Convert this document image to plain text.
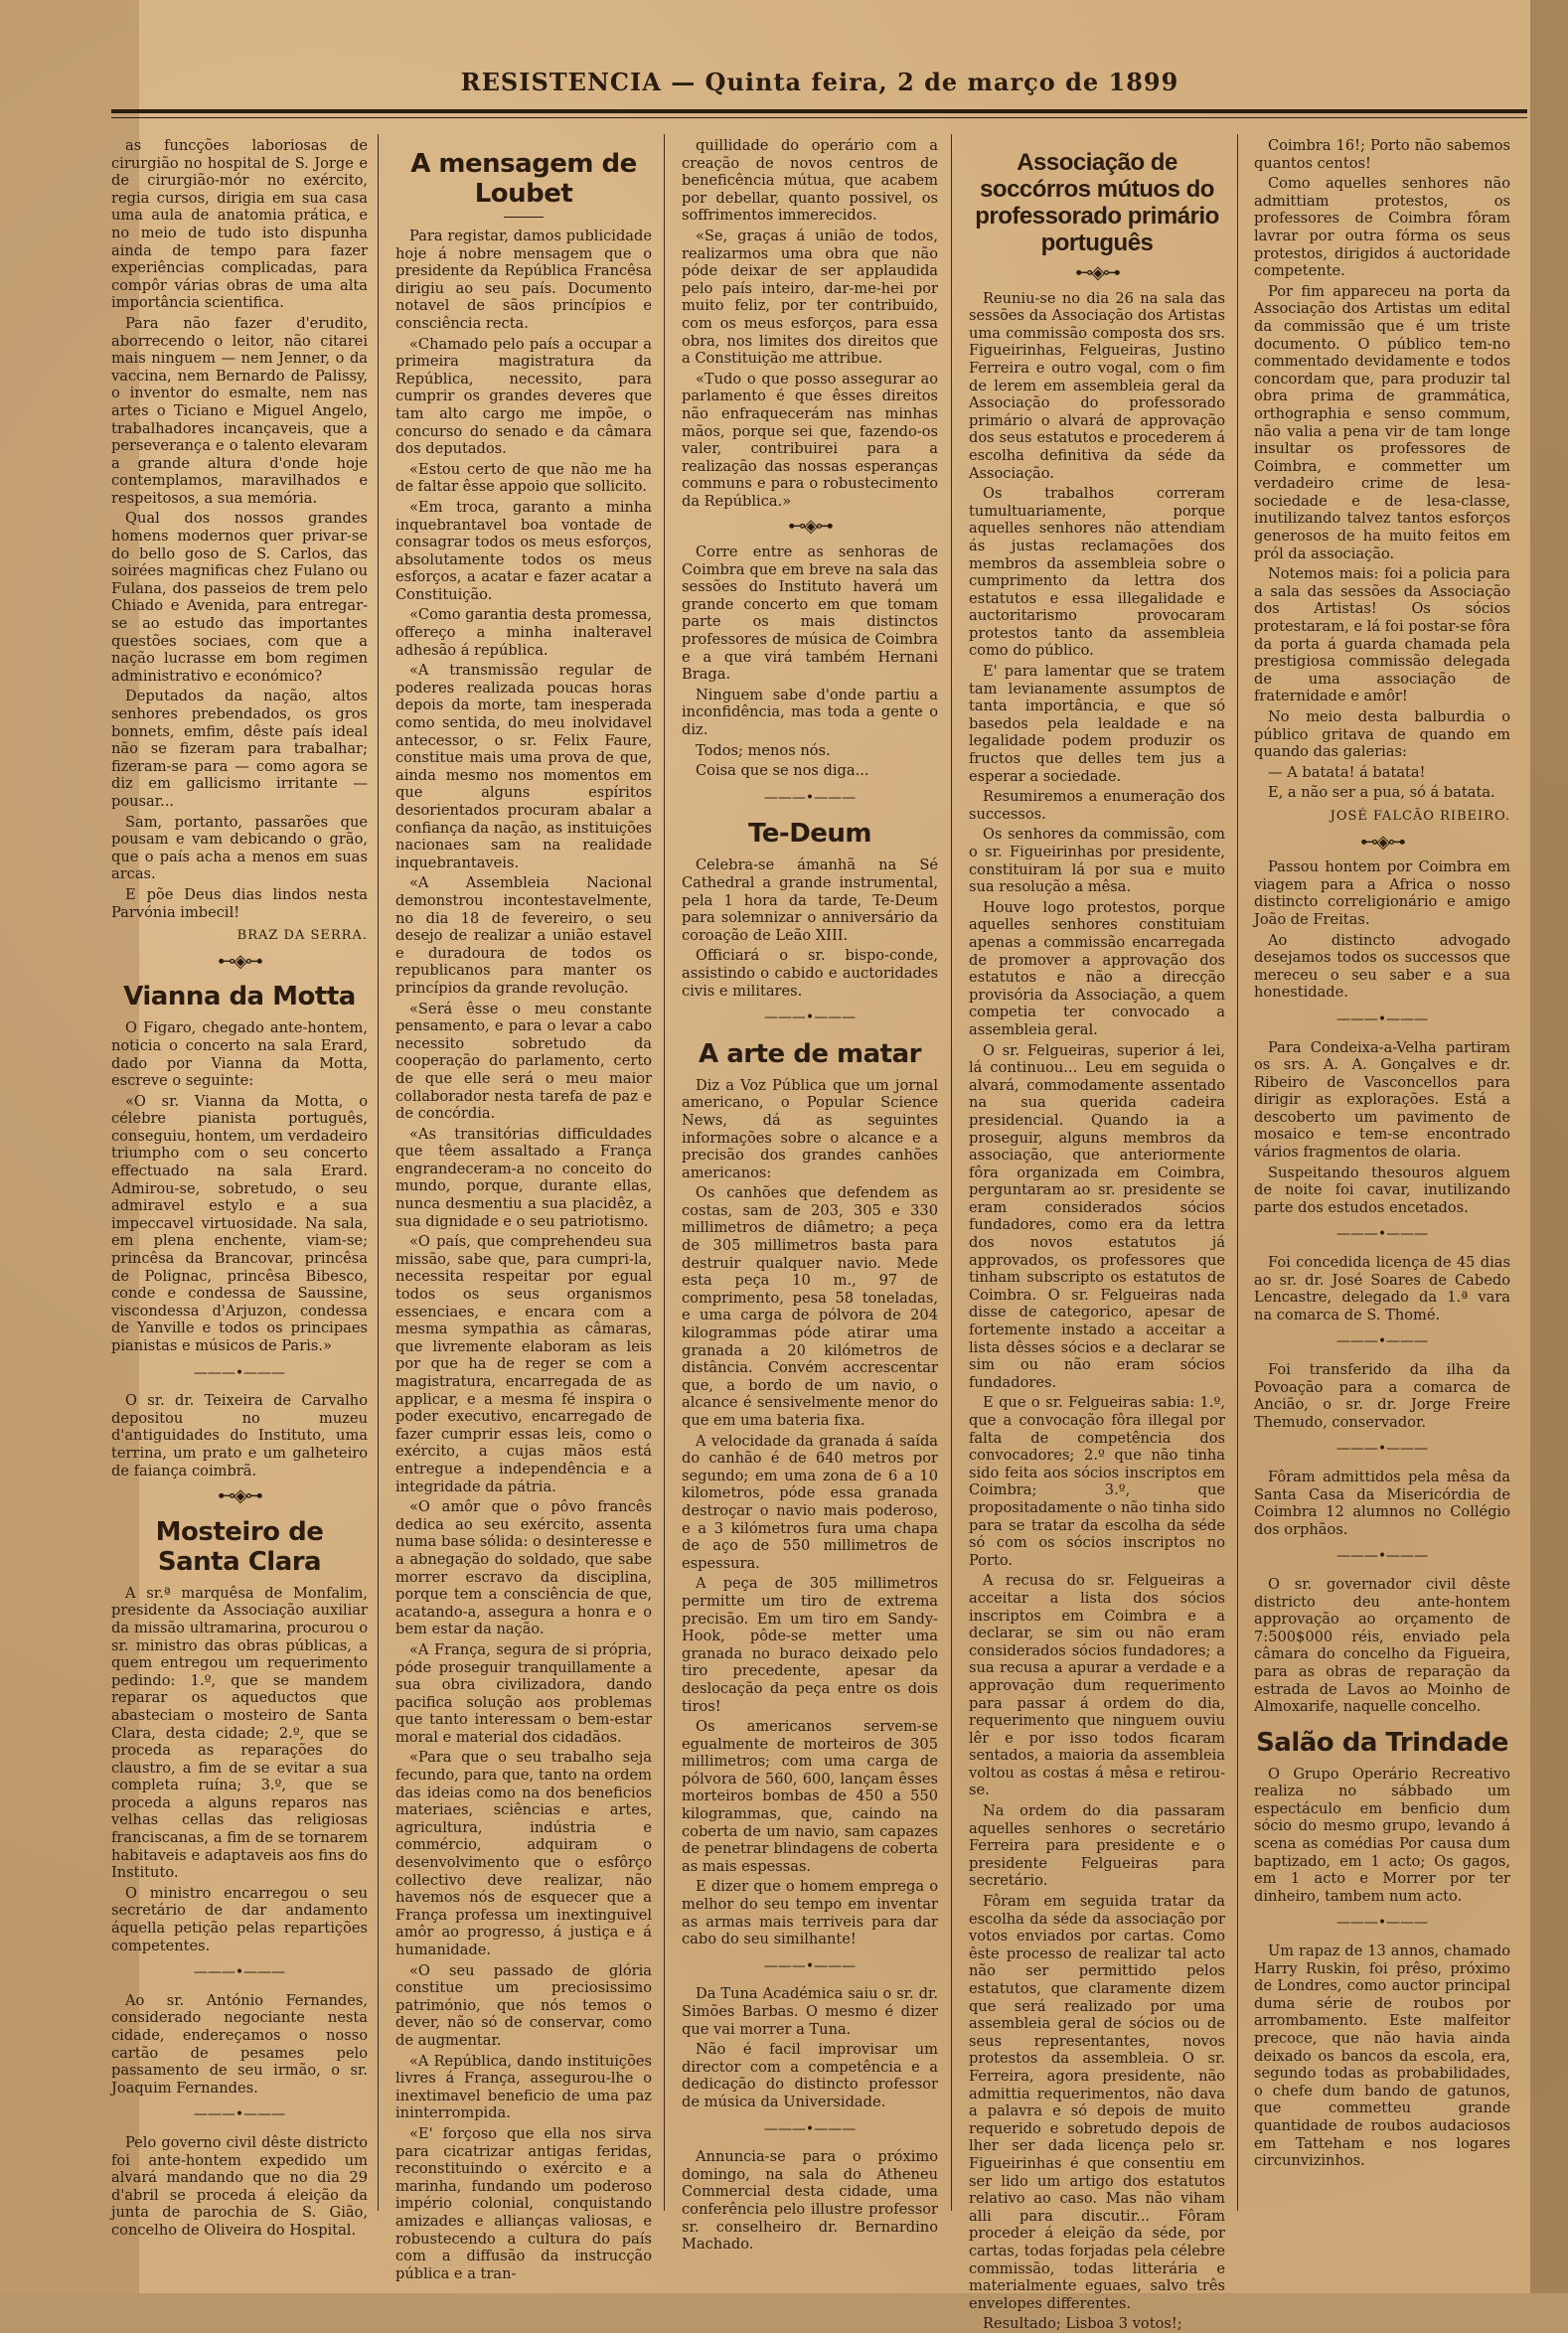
RESISTENCIA — Quinta feira, 2 de março de 1899

as funcções laboriosas de cirurgião no hospital de S. Jorge e de cirurgião-mór no exército, regia cursos, dirigia em sua casa uma aula de anatomia prática, e no meio de tudo isto dispunha ainda de tempo para fazer experiências complicadas, para compôr várias obras de uma alta importância scientifica.

Para não fazer d'erudito, aborrecendo o leitor, não citarei mais ninguem — nem Jenner, o da vaccina, nem Bernardo de Palissy, o inventor do esmalte, nem nas artes o Ticiano e Miguel Angelo, trabalhadores incançaveis, que a perseverança e o talento elevaram a grande altura d'onde hoje contemplamos, maravilhados e respeitosos, a sua memória.

Qual dos nossos grandes homens modernos quer privar-se do bello goso de S. Carlos, das soirées magnificas chez Fulano ou Fulana, dos passeios de trem pelo Chiado e Avenida, para entregar-se ao estudo das importantes questões sociaes, com que a nação lucrasse em bom regimen administrativo e económico?

Deputados da nação, altos senhores prebendados, os gros bonnets, emfim, dêste país ideal não se fizeram para trabalhar; fizeram-se para — como agora se diz em gallicismo irritante — pousar...

Sam, portanto, passarões que pousam e vam debicando o grão, que o país acha a menos em suas arcas.

E põe Deus dias lindos nesta Parvónia imbecil!

BRAZ DA SERRA.
⊷◈⊶
Vianna da Motta

O Figaro, chegado ante-hontem, noticia o concerto na sala Erard, dado por Vianna da Motta, escreve o seguinte:

«O sr. Vianna da Motta, o célebre pianista português, conseguiu, hontem, um verdadeiro triumpho com o seu concerto effectuado na sala Erard. Admirou-se, sobretudo, o seu admiravel estylo e a sua impeccavel virtuosidade. Na sala, em plena enchente, viam-se; princêsa da Brancovar, princêsa de Polignac, princêsa Bibesco, conde e condessa de Saussine, viscondessa d'Arjuzon, condessa de Yanville e todos os principaes pianistas e músicos de Paris.»

———•———

O sr. dr. Teixeira de Carvalho depositou no muzeu d'antiguidades do Instituto, uma terrina, um prato e um galheteiro de faiança coimbrã.

⊷◈⊶
Mosteiro de Santa Clara

A sr.ª marquêsa de Monfalim, presidente da Associação auxiliar da missão ultramarina, procurou o sr. ministro das obras públicas, a quem entregou um requerimento pedindo: 1.º, que se mandem reparar os aqueductos que abasteciam o mosteiro de Santa Clara, desta cidade; 2.º, que se proceda as reparações do claustro, a fim de se evitar a sua completa ruína; 3.º, que se proceda a alguns reparos nas velhas cellas das religiosas franciscanas, a fim de se tornarem habitaveis e adaptaveis aos fins do Instituto.

O ministro encarregou o seu secretário de dar andamento áquella petição pelas repartições competentes.

———•———

Ao sr. António Fernandes, considerado negociante nesta cidade, endereçamos o nosso cartão de pesames pelo passamento de seu irmão, o sr. Joaquim Fernandes.

———•———

Pelo governo civil dêste districto foi ante-hontem expedido um alvará mandando que no dia 29 d'abril se proceda á eleição da junta de parochia de S. Gião, concelho de Oliveira do Hospital.

A mensagem de Loubet

Para registar, damos publicidade hoje á nobre mensagem que o presidente da República Francêsa dirigiu ao seu país. Documento notavel de sãos princípios e consciência recta.

«Chamado pelo país a occupar a primeira magistratura da República, necessito, para cumprir os grandes deveres que tam alto cargo me impõe, o concurso do senado e da câmara dos deputados.

«Estou certo de que não me ha de faltar êsse appoio que sollicito.

«Em troca, garanto a minha inquebrantavel boa vontade de consagrar todos os meus esforços, absolutamente todos os meus esforços, a acatar e fazer acatar a Constituição.

«Como garantia desta promessa, offereço a minha inalteravel adhesão á república.

«A transmissão regular de poderes realizada poucas horas depois da morte, tam inesperada como sentida, do meu inolvidavel antecessor, o sr. Felix Faure, constitue mais uma prova de que, ainda mesmo nos momentos em que alguns espíritos desorientados procuram abalar a confiança da nação, as instituições nacionaes sam na realidade inquebrantaveis.

«A Assembleia Nacional demonstrou incontestavelmente, no dia 18 de fevereiro, o seu desejo de realizar a união estavel e duradoura de todos os republicanos para manter os princípios da grande revolução.

«Será êsse o meu constante pensamento, e para o levar a cabo necessito sobretudo da cooperação do parlamento, certo de que elle será o meu maior collaborador nesta tarefa de paz e de concórdia.

«As transitórias difficuldades que têem assaltado a França engrandeceram-a no conceito do mundo, porque, durante ellas, nunca desmentiu a sua placidêz, a sua dignidade e o seu patriotismo.

«O país, que comprehendeu sua missão, sabe que, para cumpri-la, necessita respeitar por egual todos os seus organismos essenciaes, e encara com a mesma sympathia as câmaras, que livremente elaboram as leis por que ha de reger se com a magistratura, encarregada de as applicar, e a mesma fé inspira o poder executivo, encarregado de fazer cumprir essas leis, como o exército, a cujas mãos está entregue a independência e a integridade da pátria.

«O amôr que o pôvo francês dedica ao seu exército, assenta numa base sólida: o desinteresse e a abnegação do soldado, que sabe morrer escravo da disciplina, porque tem a consciência de que, acatando-a, assegura a honra e o bem estar da nação.

«A França, segura de si própria, póde proseguir tranquillamente a sua obra civilizadora, dando pacifica solução aos problemas que tanto interessam o bem-estar moral e material dos cidadãos.

«Para que o seu trabalho seja fecundo, para que, tanto na ordem das ideias como na dos beneficios materiaes, sciências e artes, agricultura, indústria e commércio, adquiram o desenvolvimento que o esfôrço collectivo deve realizar, não havemos nós de esquecer que a França professa um inextinguivel amôr ao progresso, á justiça e á humanidade.

«O seu passado de glória constitue um preciosissimo património, que nós temos o dever, não só de conservar, como de augmentar.

«A República, dando instituições livres á França, assegurou-lhe o inextimavel beneficio de uma paz ininterrompida.

«E' forçoso que ella nos sirva para cicatrizar antigas feridas, reconstituindo o exército e a marinha, fundando um poderoso império colonial, conquistando amizades e allianças valiosas, e robustecendo a cultura do país com a diffusão da instrucção pública e a tran-

quillidade do operário com a creação de novos centros de beneficência mútua, que acabem por debellar, quanto possivel, os soffrimentos immerecidos.

«Se, graças á união de todos, realizarmos uma obra que não póde deixar de ser applaudida pelo país inteiro, dar-me-hei por muito feliz, por ter contribuido, com os meus esforços, para essa obra, nos limites dos direitos que a Constituição me attribue.

«Tudo o que posso assegurar ao parlamento é que êsses direitos não enfraquecerám nas minhas mãos, porque sei que, fazendo-os valer, contribuirei para a realização das nossas esperanças communs e para o robustecimento da República.»

⊷◈⊶

Corre entre as senhoras de Coimbra que em breve na sala das sessões do Instituto haverá um grande concerto em que tomam parte os mais distinctos professores de música de Coimbra e a que virá também Hernani Braga.

Ninguem sabe d'onde partiu a inconfidência, mas toda a gente o diz.

Todos; menos nós.

Coisa que se nos diga...

———•———
Te-Deum

Celebra-se ámanhã na Sé Cathedral a grande instrumental, pela 1 hora da tarde, Te-Deum para solemnizar o anniversário da coroação de Leão XIII.

Officiará o sr. bispo-conde, assistindo o cabido e auctoridades civis e militares.

———•———
A arte de matar

Diz a Voz Pública que um jornal americano, o Popular Science News, dá as seguintes informações sobre o alcance e a precisão dos grandes canhões americanos:

Os canhões que defendem as costas, sam de 203, 305 e 330 millimetros de diâmetro; a peça de 305 millimetros basta para destruir qualquer navio. Mede esta peça 10 m., 97 de comprimento, pesa 58 toneladas, e uma carga de pólvora de 204 kilogrammas póde atirar uma granada a 20 kilómetros de distância. Convém accrescentar que, a bordo de um navio, o alcance é sensivelmente menor do que em uma bateria fixa.

A velocidade da granada á saída do canhão é de 640 metros por segundo; em uma zona de 6 a 10 kilometros, póde essa granada destroçar o navio mais poderoso, e a 3 kilómetros fura uma chapa de aço de 550 millimetros de espessura.

A peça de 305 millimetros permitte um tiro de extrema precisão. Em um tiro em Sandy-Hook, pôde-se metter uma granada no buraco deixado pelo tiro precedente, apesar da deslocação da peça entre os dois tiros!

Os americanos servem-se egualmente de morteiros de 305 millimetros; com uma carga de pólvora de 560, 600, lançam êsses morteiros bombas de 450 a 550 kilogrammas, que, caindo na coberta de um navio, sam capazes de penetrar blindagens de coberta as mais espessas.

E dizer que o homem emprega o melhor do seu tempo em inventar as armas mais terriveis para dar cabo do seu similhante!

———•———

Da Tuna Académica saiu o sr. dr. Simões Barbas. O mesmo é dizer que vai morrer a Tuna.

Não é facil improvisar um director com a competência e a dedicação do distincto professor de música da Universidade.

———•———

Annuncia-se para o próximo domingo, na sala do Atheneu Commercial desta cidade, uma conferência pelo illustre professor sr. conselheiro dr. Bernardino Machado.

Associação de soccórros mútuos do professorado primário português
⊷◈⊶

Reuniu-se no dia 26 na sala das sessões da Associação dos Artistas uma commissão composta dos srs. Figueirinhas, Felgueiras, Justino Ferreira e outro vogal, com o fim de lerem em assembleia geral da Associação do professorado primário o alvará de approvação dos seus estatutos e procederem á escolha definitiva da séde da Associação.

Os trabalhos correram tumultuariamente, porque aquelles senhores não attendiam ás justas reclamações dos membros da assembleia sobre o cumprimento da lettra dos estatutos e essa illegalidade e auctoritarismo provocaram protestos tanto da assembleia como do público.

E' para lamentar que se tratem tam levianamente assumptos de tanta importância, e que só basedos pela lealdade e na legalidade podem produzir os fructos que delles tem jus a esperar a sociedade.

Resumiremos a enumeração dos successos.

Os senhores da commissão, com o sr. Figueirinhas por presidente, constituiram lá por sua e muito sua resolução a mêsa.

Houve logo protestos, porque aquelles senhores constituiam apenas a commissão encarregada de promover a approvação dos estatutos e não a direcção provisória da Associação, a quem competia ter convocado a assembleia geral.

O sr. Felgueiras, superior á lei, lá continuou... Leu em seguida o alvará, commodamente assentado na sua querida cadeira presidencial. Quando ia a proseguir, alguns membros da associação, que anteriormente fôra organizada em Coimbra, perguntaram ao sr. presidente se eram considerados sócios fundadores, como era da lettra dos novos estatutos já approvados, os professores que tinham subscripto os estatutos de Coimbra. O sr. Felgueiras nada disse de categorico, apesar de fortemente instado a acceitar a lista dêsses sócios e a declarar se sim ou não eram sócios fundadores.

E que o sr. Felgueiras sabia: 1.º, que a convocação fôra illegal por falta de competência dos convocadores; 2.º que não tinha sido feita aos sócios inscriptos em Coimbra; 3.º, que propositadamente o não tinha sido para se tratar da escolha da séde só com os sócios inscriptos no Porto.

A recusa do sr. Felgueiras a acceitar a lista dos sócios inscriptos em Coimbra e a declarar, se sim ou não eram considerados sócios fundadores; a sua recusa a apurar a verdade e a approvação dum requerimento para passar á ordem do dia, requerimento que ninguem ouviu lêr e por isso todos ficaram sentados, a maioria da assembleia voltou as costas á mêsa e retirou-se.

Na ordem do dia passaram aquelles senhores o secretário Ferreira para presidente e o presidente Felgueiras para secretário.

Fôram em seguida tratar da escolha da séde da associação por votos enviados por cartas. Como êste processo de realizar tal acto não ser permittido pelos estatutos, que claramente dizem que será realizado por uma assembleia geral de sócios ou de seus representantes, novos protestos da assembleia. O sr. Ferreira, agora presidente, não admittia requerimentos, não dava a palavra e só depois de muito requerido e sobretudo depois de lher ser dada licença pelo sr. Figueirinhas é que consentiu em ser lido um artigo dos estatutos relativo ao caso. Mas não viham alli para discutir... Fôram proceder á eleição da séde, por cartas, todas forjadas pela célebre commissão, todas litterária e materialmente eguaes, salvo três envelopes differentes.

Resultado; Lisboa 3 votos!;

Coimbra 16!; Porto não sabemos quantos centos!

Como aquelles senhores não admittiam protestos, os professores de Coimbra fôram lavrar por outra fórma os seus protestos, dirigidos á auctoridade competente.

Por fim appareceu na porta da Associação dos Artistas um edital da commissão que é um triste documento. O público tem-no commentado devidamente e todos concordam que, para produzir tal obra prima de grammática, orthographia e senso commum, não valia a pena vir de tam longe insultar os professores de Coimbra, e commetter um verdadeiro crime de lesa-sociedade e de lesa-classe, inutilizando talvez tantos esforços generosos de ha muito feitos em pról da associação.

Notemos mais: foi a policia para a sala das sessões da Associação dos Artistas! Os sócios protestaram, e lá foi postar-se fôra da porta á guarda chamada pela prestigiosa commissão delegada de uma associação de fraternidade e amôr!

No meio desta balburdia o público gritava de quando em quando das galerias:

— A batata! á batata!

E, a não ser a pua, só á batata.

JOSÉ FALCÃO RIBEIRO.
⊷◈⊶

Passou hontem por Coimbra em viagem para a Africa o nosso distincto correligionário e amigo João de Freitas.

Ao distincto advogado desejamos todos os successos que mereceu o seu saber e a sua honestidade.

———•———

Para Condeixa-a-Velha partiram os srs. A. A. Gonçalves e dr. Ribeiro de Vasconcellos para dirigir as explorações. Está a descoberto um pavimento de mosaico e tem-se encontrado vários fragmentos de olaria.

Suspeitando thesouros alguem de noite foi cavar, inutilizando parte dos estudos encetados.

———•———

Foi concedida licença de 45 dias ao sr. dr. José Soares de Cabedo Lencastre, delegado da 1.ª vara na comarca de S. Thomé.

———•———

Foi transferido da ilha da Povoação para a comarca de Ancião, o sr. dr. Jorge Freire Themudo, conservador.

———•———

Fôram admittidos pela mêsa da Santa Casa da Misericórdia de Coimbra 12 alumnos no Collégio dos orphãos.

———•———

O sr. governador civil dêste districto deu ante-hontem approvação ao orçamento de 7:500$000 réis, enviado pela câmara do concelho da Figueira, para as obras de reparação da estrada de Lavos ao Moinho de Almoxarife, naquelle concelho.

Salão da Trindade

O Grupo Operário Recreativo realiza no sábbado um espectáculo em benficio dum sócio do mesmo grupo, levando á scena as comédias Por causa dum baptizado, em 1 acto; Os gagos, em 1 acto e Morrer por ter dinheiro, tambem num acto.

———•———

Um rapaz de 13 annos, chamado Harry Ruskin, foi prêso, próximo de Londres, como auctor principal duma série de roubos por arrombamento. Este malfeitor precoce, que não havia ainda deixado os bancos da escola, era, segundo todas as probabilidades, o chefe dum bando de gatunos, que commetteu grande quantidade de roubos audaciosos em Tatteham e nos logares circunvizinhos.
